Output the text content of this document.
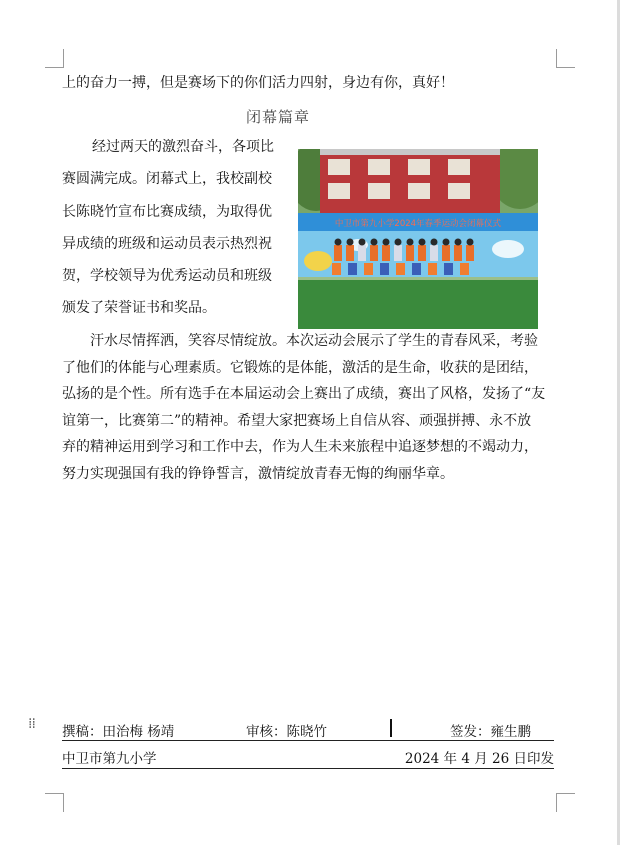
上的奋力一搏，但是赛场下的你们活力四射，身边有你，真好！
闭幕篇章
经过两天的激烈奋斗，各项比
赛圆满完成。闭幕式上，我校副校
长陈晓竹宣布比赛成绩，为取得优
异成绩的班级和运动员表示热烈祝
贺，学校领导为优秀运动员和班级
颁发了荣誉证书和奖品。
中卫市第九小学2024年春季运动会闭幕仪式
汗水尽情挥洒，笑容尽情绽放。本次运动会展示了学生的青春风采，考验
了他们的体能与心理素质。它锻炼的是体能，激活的是生命，收获的是团结，
弘扬的是个性。所有选手在本届运动会上赛出了成绩，赛出了风格，发扬了“友
谊第一，比赛第二”的精神。希望大家把赛场上自信从容、顽强拼搏、永不放
弃的精神运用到学习和工作中去，作为人生未来旅程中追逐梦想的不竭动力，
努力实现强国有我的铮铮誓言，激情绽放青春无悔的绚丽华章。
⁞⁞ 撰稿：田治梅 杨靖	审核：陈晓竹	签发：雍生鹏
中卫市第九小学	2024 年 4 月 26 日印发
